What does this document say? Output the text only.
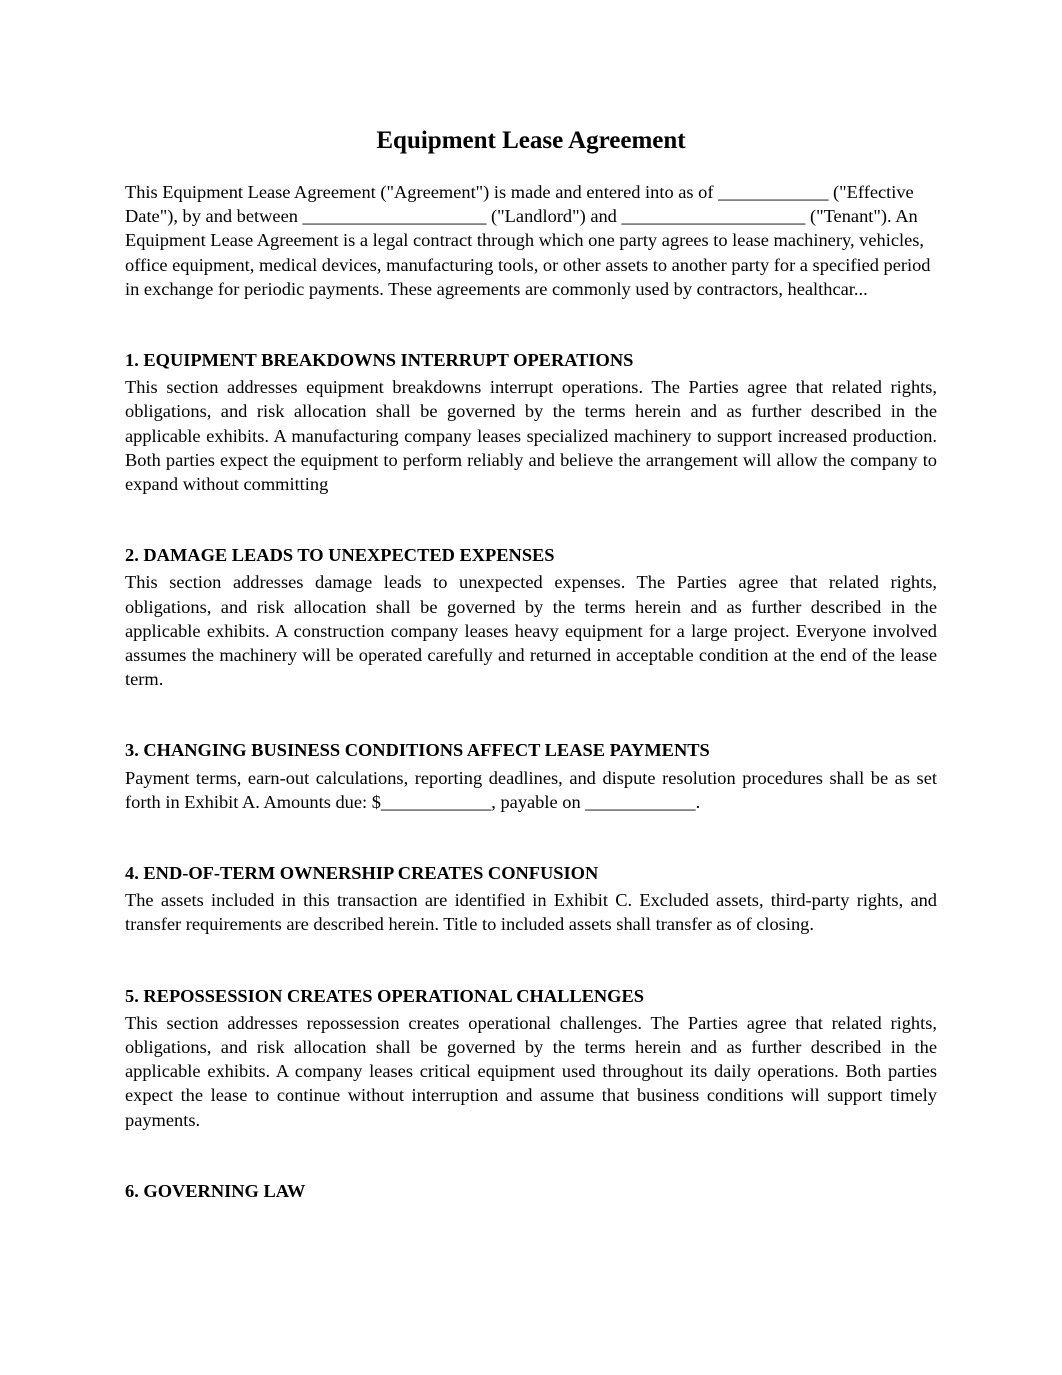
Equipment Lease Agreement

This Equipment Lease Agreement ("Agreement") is made and entered into as of ____________ ("Effective Date"), by and between ____________________ ("Landlord") and ____________________ ("Tenant"). An Equipment Lease Agreement is a legal contract through which one party agrees to lease machinery, vehicles, office equipment, medical devices, manufacturing tools, or other assets to another party for a specified period in exchange for periodic payments. These agreements are commonly used by contractors, healthcar...

1. EQUIPMENT BREAKDOWNS INTERRUPT OPERATIONS

This section addresses equipment breakdowns interrupt operations. The Parties agree that related rights, obligations, and risk allocation shall be governed by the terms herein and as further described in the applicable exhibits. A manufacturing company leases specialized machinery to support increased production. Both parties expect the equipment to perform reliably and believe the arrangement will allow the company to expand without committing

2. DAMAGE LEADS TO UNEXPECTED EXPENSES

This section addresses damage leads to unexpected expenses. The Parties agree that related rights, obligations, and risk allocation shall be governed by the terms herein and as further described in the applicable exhibits. A construction company leases heavy equipment for a large project. Everyone involved assumes the machinery will be operated carefully and returned in acceptable condition at the end of the lease term.

3. CHANGING BUSINESS CONDITIONS AFFECT LEASE PAYMENTS

Payment terms, earn-out calculations, reporting deadlines, and dispute resolution procedures shall be as set forth in Exhibit A. Amounts due: $____________, payable on ____________.

4. END-OF-TERM OWNERSHIP CREATES CONFUSION

The assets included in this transaction are identified in Exhibit C. Excluded assets, third-party rights, and transfer requirements are described herein. Title to included assets shall transfer as of closing.

5. REPOSSESSION CREATES OPERATIONAL CHALLENGES

This section addresses repossession creates operational challenges. The Parties agree that related rights, obligations, and risk allocation shall be governed by the terms herein and as further described in the applicable exhibits. A company leases critical equipment used throughout its daily operations. Both parties expect the lease to continue without interruption and assume that business conditions will support timely payments.

6. GOVERNING LAW
